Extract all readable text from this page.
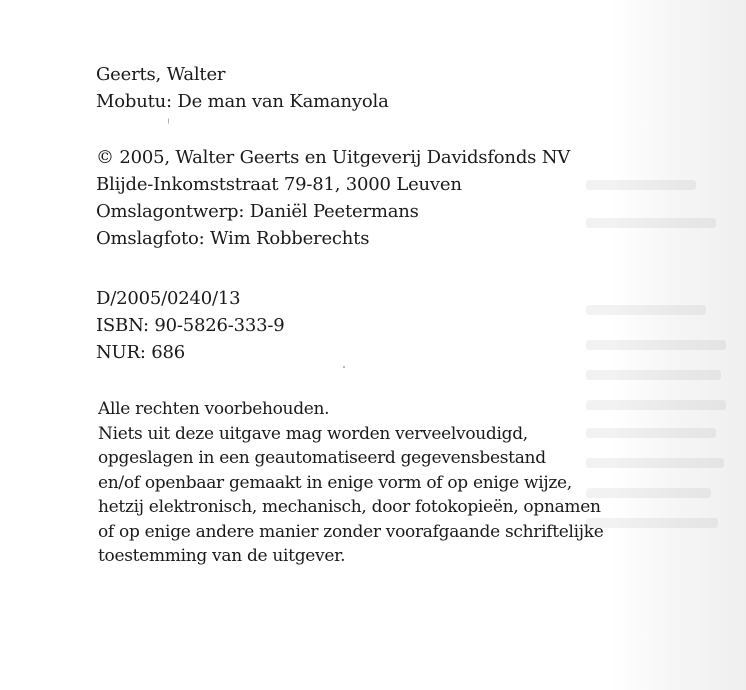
Geerts, Walter
Mobutu: De man van Kamanyola
© 2005, Walter Geerts en Uitgeverij Davidsfonds NV
Blijde-Inkomststraat 79-81, 3000 Leuven
Omslagontwerp: Daniël Peetermans
Omslagfoto: Wim Robberechts
D/2005/0240/13
ISBN: 90-5826-333-9
NUR: 686
Alle rechten voorbehouden.
Niets uit deze uitgave mag worden verveelvoudigd,
opgeslagen in een geautomatiseerd gegevensbestand
en/of openbaar gemaakt in enige vorm of op enige wijze,
hetzij elektronisch, mechanisch, door fotokopieën, opnamen
of op enige andere manier zonder voorafgaande schriftelijke
toestemming van de uitgever.
